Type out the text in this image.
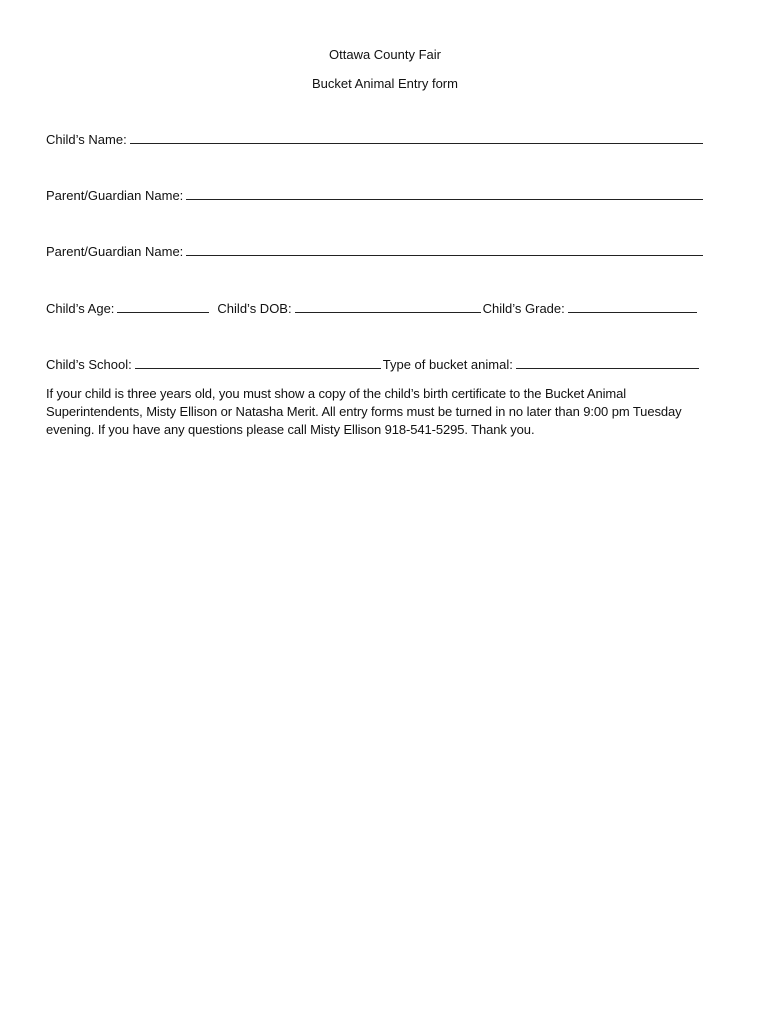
Ottawa County Fair
Bucket Animal Entry form
Child’s Name:
Parent/Guardian Name:
Parent/Guardian Name:
Child’s Age:	Child’s DOB:	Child’s Grade:
Child’s School:	Type of bucket animal:
If your child is three years old, you must show a copy of the child’s birth certificate to the Bucket Animal Superintendents, Misty Ellison or Natasha Merit. All entry forms must be turned in no later than 9:00 pm Tuesday evening. If you have any questions please call Misty Ellison 918-541-5295. Thank you.
